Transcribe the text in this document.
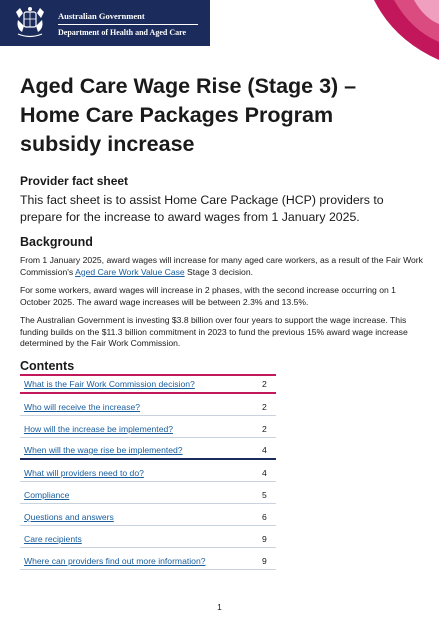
Australian Government
Department of Health and Aged Care
Aged Care Wage Rise (Stage 3) – Home Care Packages Program subsidy increase
Provider fact sheet

This fact sheet is to assist Home Care Package (HCP) providers to prepare for the increase to award wages from 1 January 2025.

Background

From 1 January 2025, award wages will increase for many aged care workers, as a result of the Fair Work Commission's Aged Care Work Value Case Stage 3 decision.

For some workers, award wages will increase in 2 phases, with the second increase occurring on 1 October 2025. The award wage increases will be between 2.3% and 13.5%.

The Australian Government is investing $3.8 billion over four years to support the wage increase. This funding builds on the $11.3 billion commitment in 2023 to fund the previous 15% award wage increase determined by the Fair Work Commission.

Contents
What is the Fair Work Commission decision?	2
Who will receive the increase?	2
How will the increase be implemented?	2
When will the wage rise be implemented?	4
What will providers need to do?	4
Compliance	5
Questions and answers	6
Care recipients	9
Where can providers find out more information?	9
1
